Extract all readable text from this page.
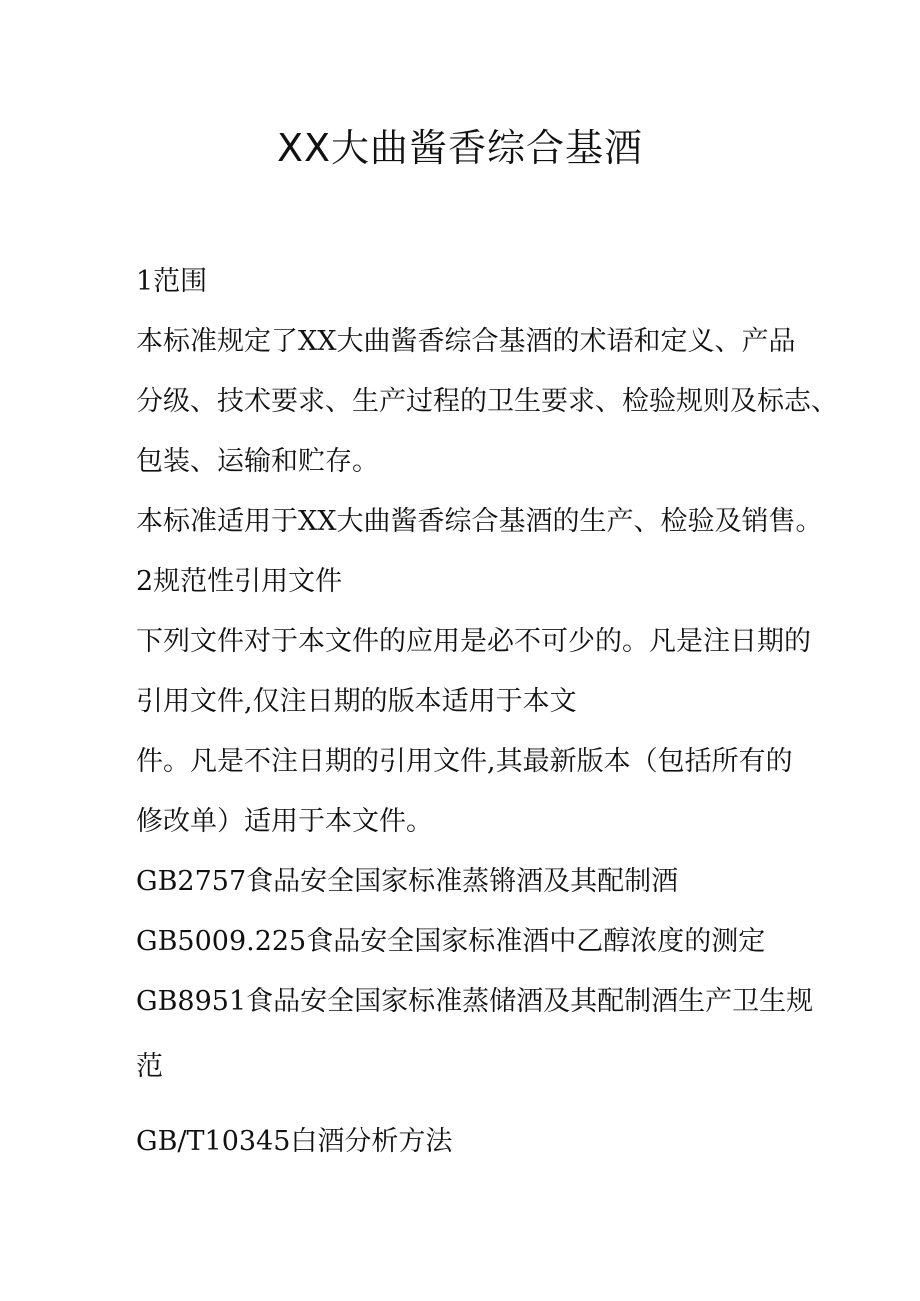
XX大曲酱香综合基酒

1范围

本标准规定了XX大曲酱香综合基酒的术语和定义、产品

分级、技术要求、生产过程的卫生要求、检验规则及标志、

包装、运输和贮存。

本标准适用于XX大曲酱香综合基酒的生产、检验及销售。

2规范性引用文件

下列文件对于本文件的应用是必不可少的。凡是注日期的

引用文件,仅注日期的版本适用于本文

件。凡是不注日期的引用文件,其最新版本（包括所有的

修改单）适用于本文件。

GB2757食品安全国家标准蒸锵酒及其配制酒

GB5009.225食品安全国家标准酒中乙醇浓度的测定

GB8951食品安全国家标准蒸储酒及其配制酒生产卫生规

范

GB/T10345白酒分析方法
